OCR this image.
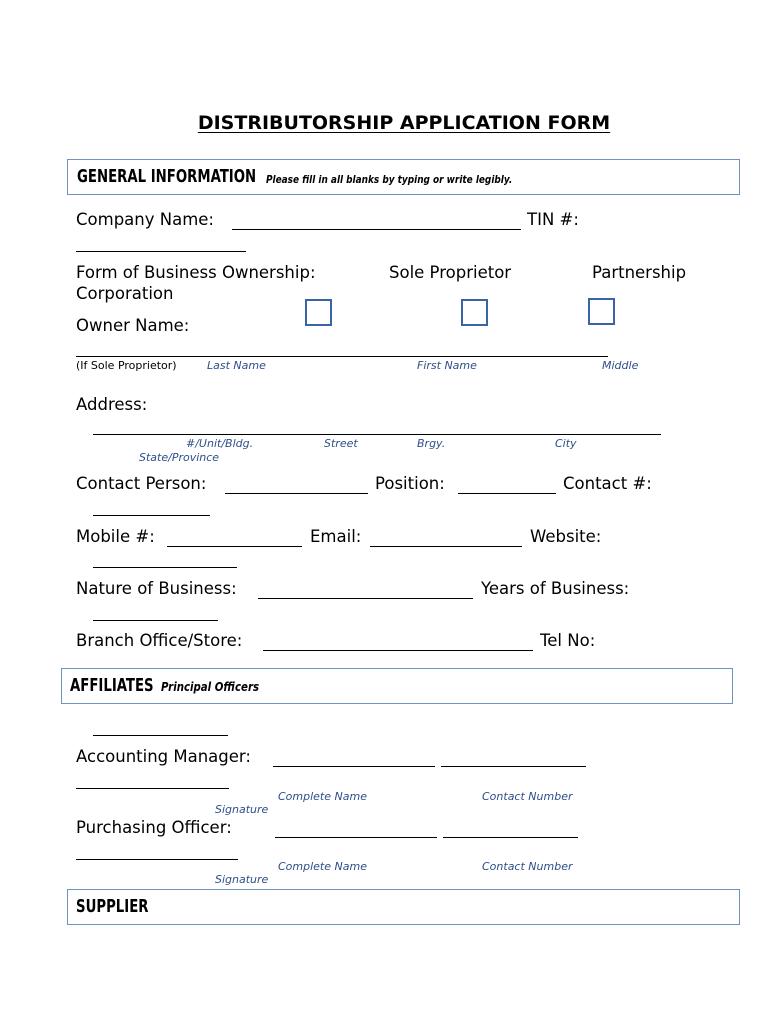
DISTRIBUTORSHIP APPLICATION FORM
GENERAL INFORMATION Please fill in all blanks by typing or write legibly.
Company Name:	TIN #:
Form of Business Ownership:	Sole Proprietor	Partnership
Corporation
Owner Name:
(If Sole Proprietor)	Last Name	First Name	Middle
Address:
#/Unit/Bldg.	Street	Brgy.	City
State/Province
Contact Person:	Position:	Contact #:
Mobile #:	Email:	Website:
Nature of Business:	Years of Business:
Branch Office/Store:	Tel No:
AFFILIATES Principal Officers
Accounting Manager:
Complete Name	Contact Number
Signature
Purchasing Officer:
Complete Name	Contact Number
Signature
SUPPLIER
